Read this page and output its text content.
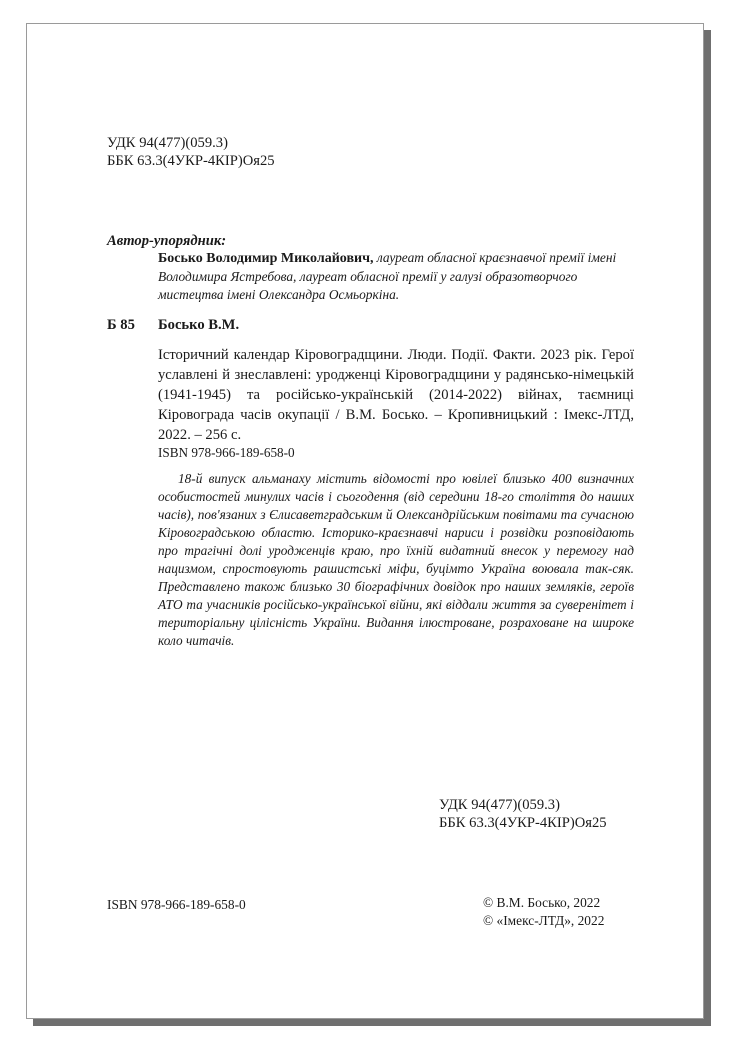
УДК 94(477)(059.3)
ББК 63.3(4УКР-4КІР)Оя25
Автор-упорядник:
Босько Володимир Миколайович, лауреат обласної краєзнавчої премії імені Володимира Ястребова, лауреат обласної премії у галузі образотворчого мистецтва імені Олександра Осмьоркіна.
Б 85 Босько В.М.
Історичний календар Кіровоградщини. Люди. Події. Факти. 2023 рік. Герої уславлені й знеславлені: уродженці Кіровоградщини у радянсько-німецькій (1941-1945) та російсько-українській (2014-2022) війнах, таємниці Кіровограда часів окупації / В.М. Босько. – Кропивницький : Імекс-ЛТД, 2022. – 256 с.
ISBN 978-966-189-658-0
18-й випуск альманаху містить відомості про ювілеї близько 400 визначних особистостей минулих часів і сьогодення (від середини 18-го століття до наших часів), пов'язаних з Єлисаветградським й Олександрійським повітами та сучасною Кіровоградською областю. Історико-краєзнавчі нариси і розвідки розповідають про трагічні долі уродженців краю, про їхній видатний внесок у перемогу над нацизмом, спростовують рашистські міфи, буцімто Україна воювала так-сяк. Представлено також близько 30 біографічних довідок про наших земляків, героїв АТО та учасників російсько-української війни, які віддали життя за суверенітет і територіальну цілісність України. Видання ілюстроване, розраховане на широке коло читачів.
УДК 94(477)(059.3)
ББК 63.3(4УКР-4КІР)Оя25
ISBN 978-966-189-658-0	© В.М. Босько, 2022
© «Імекс-ЛТД», 2022
